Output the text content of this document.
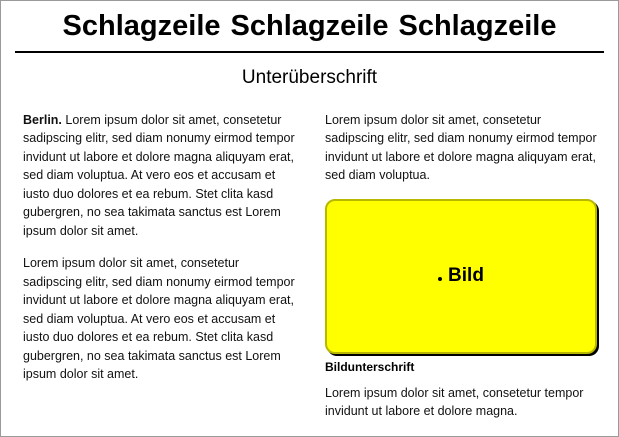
Schlagzeile Schlagzeile Schlagzeile
Unterüberschrift

Berlin. Lorem ipsum dolor sit amet, consetetur sadipscing elitr, sed diam nonumy eirmod tempor invidunt ut labore et dolore magna aliquyam erat, sed diam voluptua. At vero eos et accusam et iusto duo dolores et ea rebum. Stet clita kasd gubergren, no sea takimata sanctus est Lorem ipsum dolor sit amet.

Lorem ipsum dolor sit amet, consetetur sadipscing elitr, sed diam nonumy eirmod tempor invidunt ut labore et dolore magna aliquyam erat, sed diam voluptua. At vero eos et accusam et iusto duo dolores et ea rebum. Stet clita kasd gubergren, no sea takimata sanctus est Lorem ipsum dolor sit amet.

Lorem ipsum dolor sit amet, consetetur sadipscing elitr, sed diam nonumy eirmod tempor invidunt ut labore et dolore magna aliquyam erat, sed diam voluptua.

Bild
Bildunterschrift

Lorem ipsum dolor sit amet, consetetur tempor invidunt ut labore et dolore magna.
